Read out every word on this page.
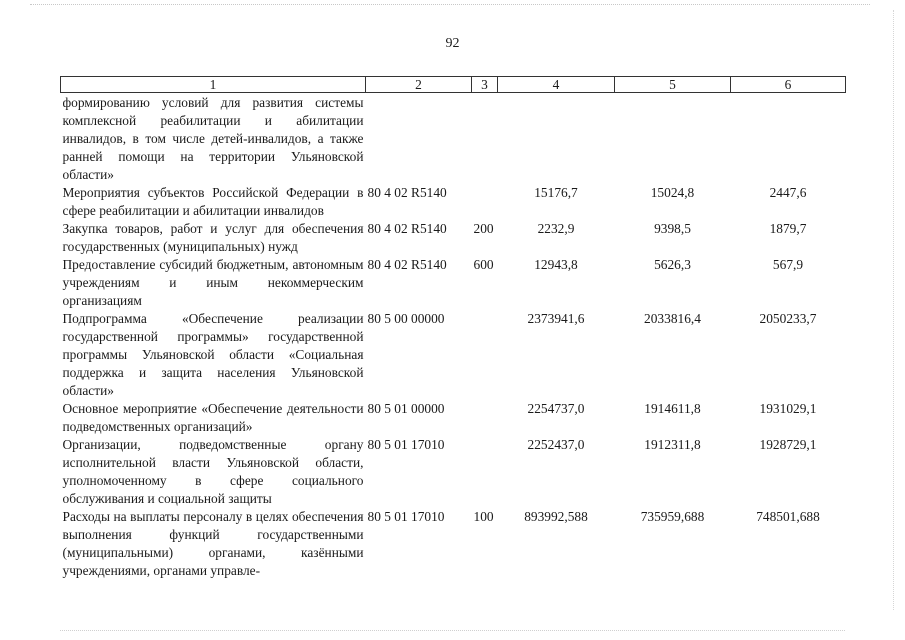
92
1	2	3	4	5	6

формированию условий для развития системы комплексной реабилитации и абилитации инвалидов, в том числе детей-инвалидов, а также ранней помощи на территории Ульяновской области»					
Мероприятия субъектов Российской Федерации в сфере реабилитации и абилитации инвалидов	80 4 02 R5140		15176,7	15024,8	2447,6
Закупка товаров, работ и услуг для обеспечения государственных (муниципальных) нужд	80 4 02 R5140	200	2232,9	9398,5	1879,7
Предоставление субсидий бюджетным, автономным учреждениям и иным некоммерческим организациям	80 4 02 R5140	600	12943,8	5626,3	567,9
Подпрограмма «Обеспечение реализации государственной программы» государственной программы Ульяновской области «Социальная поддержка и защита населения Ульяновской области»	80 5 00 00000		2373941,6	2033816,4	2050233,7
Основное мероприятие «Обеспечение деятельности подведомственных организаций»	80 5 01 00000		2254737,0	1914611,8	1931029,1
Организации, подведомственные органу исполнительной власти Ульяновской области, уполномоченному в сфере социального обслуживания и социальной защиты	80 5 01 17010		2252437,0	1912311,8	1928729,1
Расходы на выплаты персоналу в целях обеспечения выполнения функций государственными (муниципальными) органами, казёнными учреждениями, органами управле-	80 5 01 17010	100	893992,588	735959,688	748501,688
